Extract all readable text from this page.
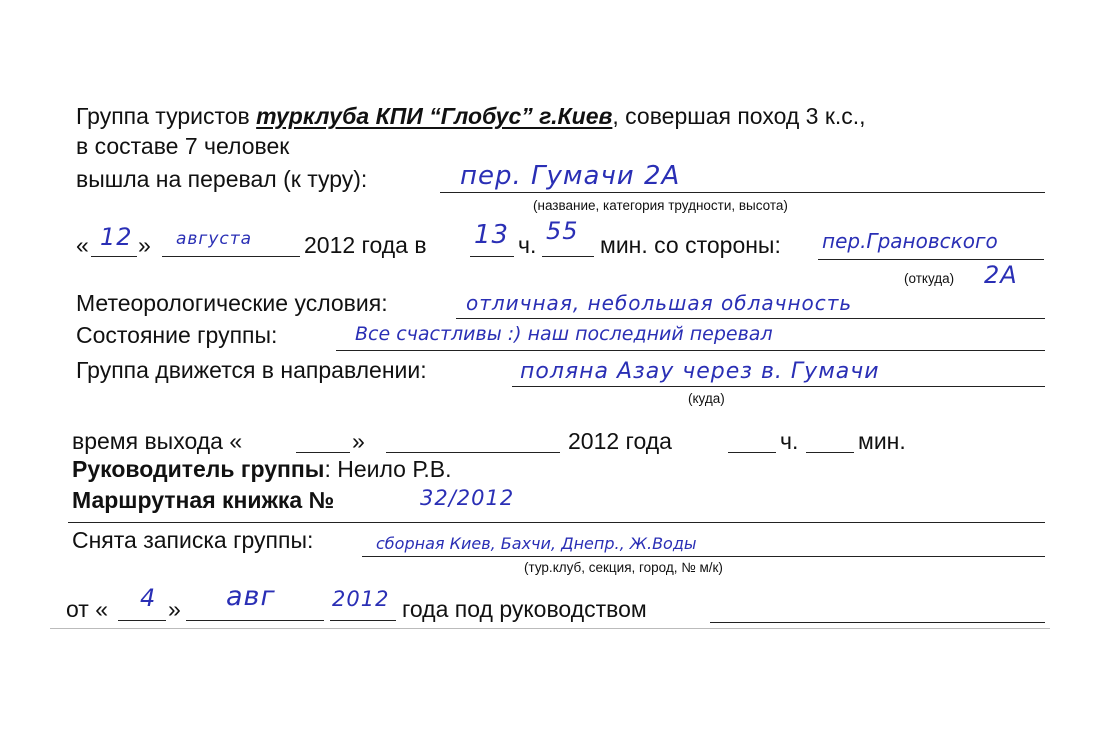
Группа туристов турклуба КПИ “Глобус” г.Киев, совершая поход 3 к.с.,
в составе 7 человек
вышла на перевал (к туру):	пер. Гумачи 2А
(название, категория трудности, высота)
« 12 » августа 2012 года в 13 ч. 55 мин. со стороны: пер.Грановского
2А
(откуда)
Метеорологические условия:	отличная, небольшая облачность
Состояние группы:	Все счастливы :) наш последний перевал
Группа движется в направлении:	поляна Азау через в. Гумачи
(куда)
время выхода «	»	2012 года	ч.	мин.
Руководитель группы: Неило Р.В.
Маршрутная книжка №	32/2012
Снята записка группы:	сборная Киев, Бахчи, Днепр., Ж.Воды
(тур.клуб, секция, город, № м/к)
от « 4 » авг	2012 года под руководством
